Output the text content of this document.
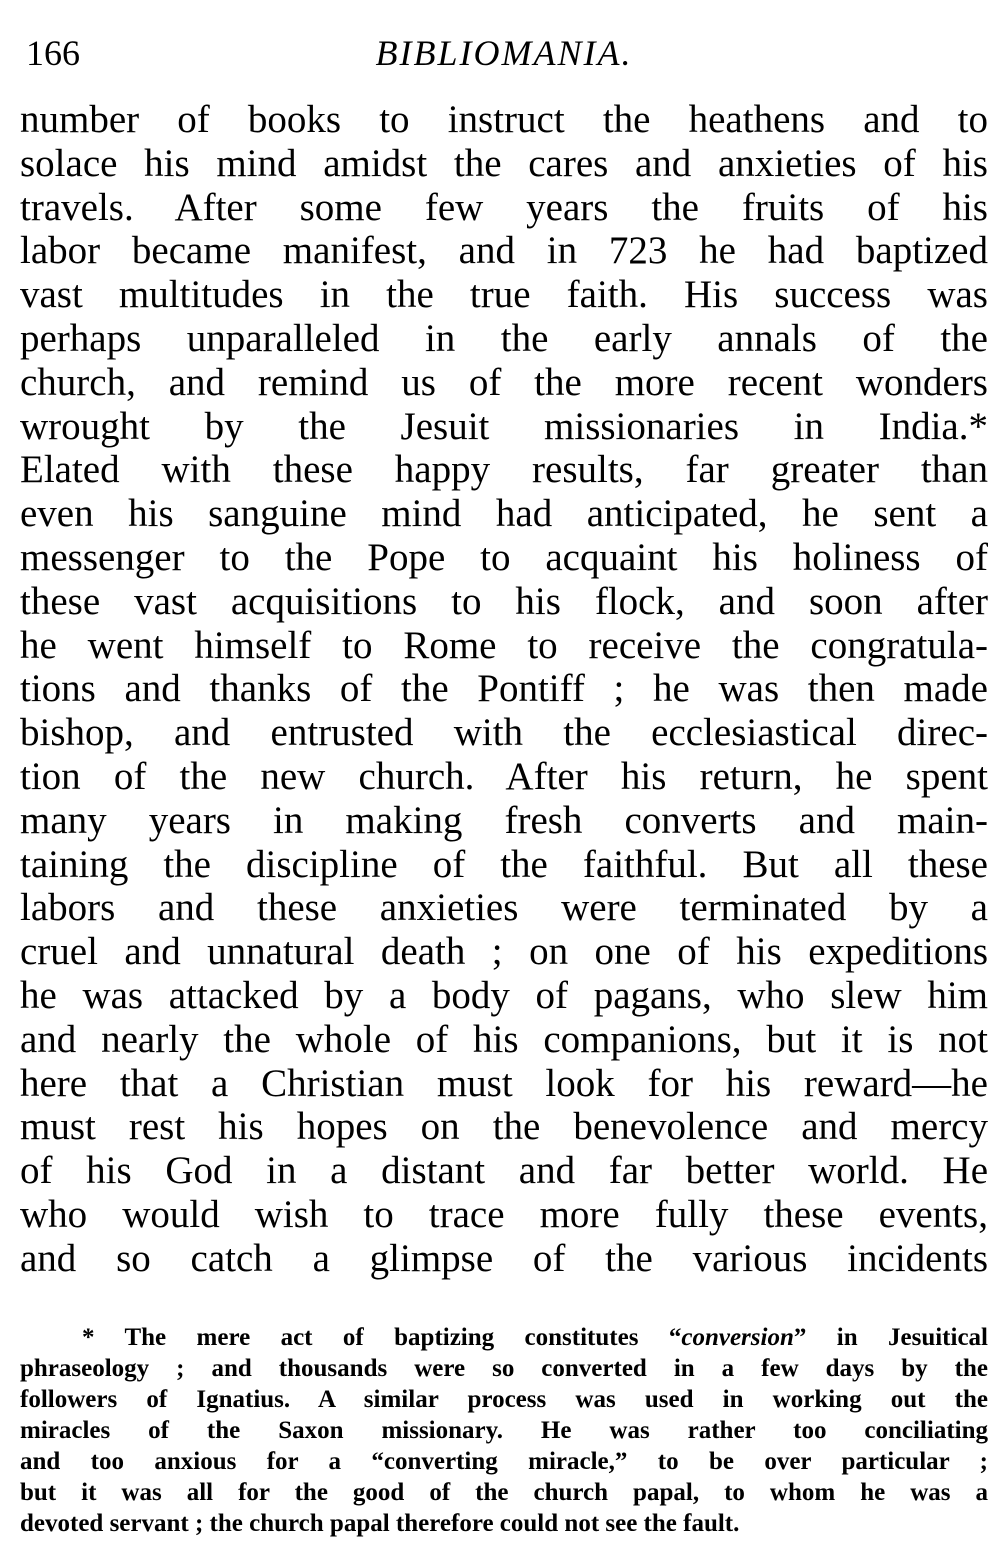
166	BIBLIOMANIA.
number of books to instruct the heathens and to
solace his mind amidst the cares and anxieties of his
travels. After some few years the fruits of his
labor became manifest, and in 723 he had baptized
vast multitudes in the true faith. His success was
perhaps unparalleled in the early annals of the
church, and remind us of the more recent wonders
wrought by the Jesuit missionaries in India.*
Elated with these happy results, far greater than
even his sanguine mind had anticipated, he sent a
messenger to the Pope to acquaint his holiness of
these vast acquisitions to his flock, and soon after
he went himself to Rome to receive the congratula-
tions and thanks of the Pontiff ; he was then made
bishop, and entrusted with the ecclesiastical direc-
tion of the new church. After his return, he spent
many years in making fresh converts and main-
taining the discipline of the faithful. But all these
labors and these anxieties were terminated by a
cruel and unnatural death ; on one of his expeditions
he was attacked by a body of pagans, who slew him
and nearly the whole of his companions, but it is not
here that a Christian must look for his reward—he
must rest his hopes on the benevolence and mercy
of his God in a distant and far better world. He
who would wish to trace more fully these events,
and so catch a glimpse of the various incidents
* The mere act of baptizing constitutes “conversion” in Jesuitical
phraseology ; and thousands were so converted in a few days by the
followers of Ignatius. A similar process was used in working out the
miracles of the Saxon missionary. He was rather too conciliating
and too anxious for a “converting miracle,” to be over particular ;
but it was all for the good of the church papal, to whom he was a
devoted servant ; the church papal therefore could not see the fault.
